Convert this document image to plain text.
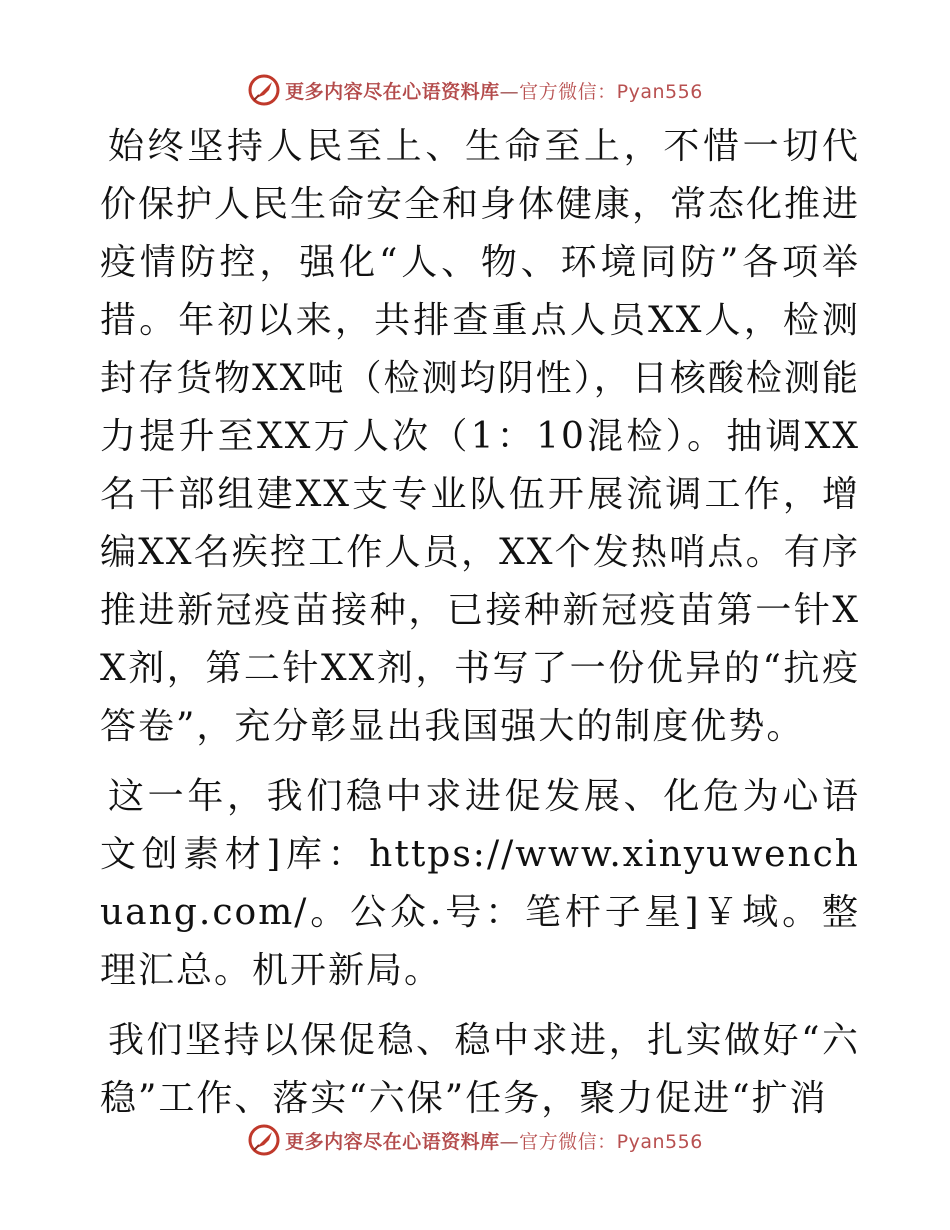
更多内容尽在心语资料库—官方微信：Pyan556

始终坚持人民至上、生命至上，不惜一切代价保护人民生命安全和身体健康，常态化推进疫情防控，强化“人、物、环境同防”各项举措。年初以来，共排查重点人员XX人，检测封存货物XX吨（检测均阴性），日核酸检测能力提升至XX万人次（1：10混检）。抽调XX名干部组建XX支专业队伍开展流调工作，增编XX名疾控工作人员，XX个发热哨点。有序推进新冠疫苗接种，已接种新冠疫苗第一针XX剂，第二针XX剂，书写了一份优异的“抗疫答卷”，充分彰显出我国强大的制度优势。

这一年，我们稳中求进促发展、化危为心语文创素材]库：https://www.xinyuwenchuang.com/。公众.号：笔杆子星]￥域。整理汇总。机开新局。

我们坚持以保促稳、稳中求进，扎实做好“六稳”工作、落实“六保”任务，聚力促进“扩消

更多内容尽在心语资料库—官方微信：Pyan556
